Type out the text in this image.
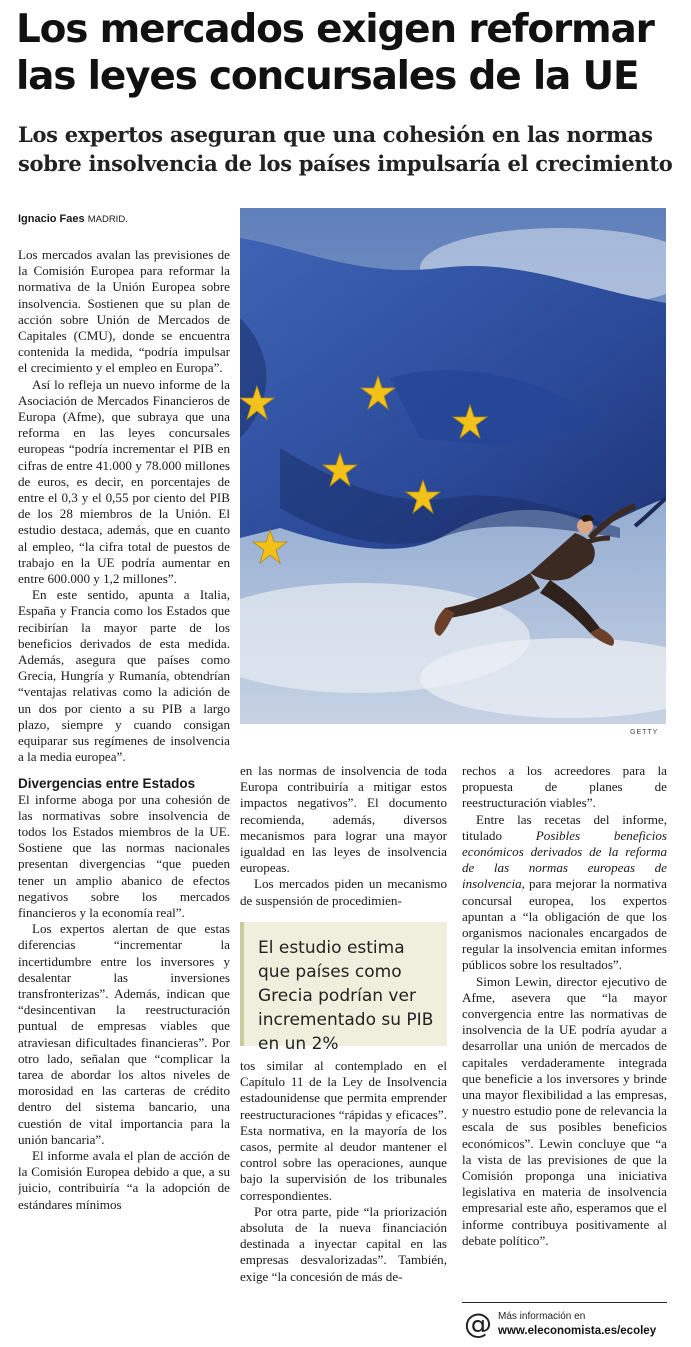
Los mercados exigen reformar las leyes concursales de la UE
Los expertos aseguran que una cohesión en las normas sobre insolvencia de los países impulsaría el crecimiento
Ignacio Faes MADRID.

Los mercados avalan las previsiones de la Comisión Europea para reformar la normativa de la Unión Europea sobre insolvencia. Sostienen que su plan de acción sobre Unión de Mercados de Capitales (CMU), donde se encuentra contenida la medida, “podría impulsar el crecimiento y el empleo en Europa”.

Así lo refleja un nuevo informe de la Asociación de Mercados Financieros de Europa (Afme), que subraya que una reforma en las leyes concursales europeas “podría incrementar el PIB en cifras de entre 41.000 y 78.000 millones de euros, es decir, en porcentajes de entre el 0,3 y el 0,55 por ciento del PIB de los 28 miembros de la Unión. El estudio destaca, además, que en cuanto al empleo, “la cifra total de puestos de trabajo en la UE podría aumentar en entre 600.000 y 1,2 millones”.

En este sentido, apunta a Italia, España y Francia como los Estados que recibirían la mayor parte de los beneficios derivados de esta medida. Además, asegura que países como Grecia, Hungría y Rumanía, obtendrían “ventajas relativas como la adición de un dos por ciento a su PIB a largo plazo, siempre y cuando consigan equiparar sus regímenes de insolvencia a la media europea”.

Divergencias entre Estados

El informe aboga por una cohesión de las normativas sobre insolvencia de todos los Estados miembros de la UE. Sostiene que las normas nacionales presentan divergencias “que pueden tener un amplio abanico de efectos negativos sobre los mercados financieros y la economía real”.

Los expertos alertan de que estas diferencias “incrementar la incertidumbre entre los inversores y desalentar las inversiones transfronterizas”. Además, indican que “desincentivan la reestructuración puntual de empresas viables que atraviesan dificultades financieras”. Por otro lado, señalan que “complicar la tarea de abordar los altos niveles de morosidad en las carteras de crédito dentro del sistema bancario, una cuestión de vital importancia para la unión bancaria”.

El informe avala el plan de acción de la Comisión Europea debido a que, a su juicio, contribuiría “a la adopción de estándares mínimos

GETTY

en las normas de insolvencia de toda Europa contribuiría a mitigar estos impactos negativos”. El documento recomienda, además, diversos mecanismos para lograr una mayor igualdad en las leyes de insolvencia europeas.

Los mercados piden un mecanismo de suspensión de procedimien-

El estudio estima que países como Grecia podrían ver incrementado su PIB en un 2%

tos similar al contemplado en el Capítulo 11 de la Ley de Insolvencia estadounidense que permita emprender reestructuraciones “rápidas y eficaces”. Esta normativa, en la mayoría de los casos, permite al deudor mantener el control sobre las operaciones, aunque bajo la supervisión de los tribunales correspondientes.

Por otra parte, pide “la priorización absoluta de la nueva financiación destinada a inyectar capital en las empresas desvalorizadas”. También, exige “la concesión de más de-

rechos a los acreedores para la propuesta de planes de reestructuración viables”.

Entre las recetas del informe, titulado Posibles beneficios económicos derivados de la reforma de las normas europeas de insolvencia, para mejorar la normativa concursal europea, los expertos apuntan a “la obligación de que los organismos nacionales encargados de regular la insolvencia emitan informes públicos sobre los resultados”.

Simon Lewin, director ejecutivo de Afme, asevera que “la mayor convergencia entre las normativas de insolvencia de la UE podría ayudar a desarrollar una unión de mercados de capitales verdaderamente integrada que beneficie a los inversores y brinde una mayor flexibilidad a las empresas, y nuestro estudio pone de relevancia la escala de sus posibles beneficios económicos”. Lewin concluye que “a la vista de las previsiones de que la Comisión proponga una iniciativa legislativa en materia de insolvencia empresarial este año, esperamos que el informe contribuya positivamente al debate político”.

@ Más información en
www.eleconomista.es/ecoley
